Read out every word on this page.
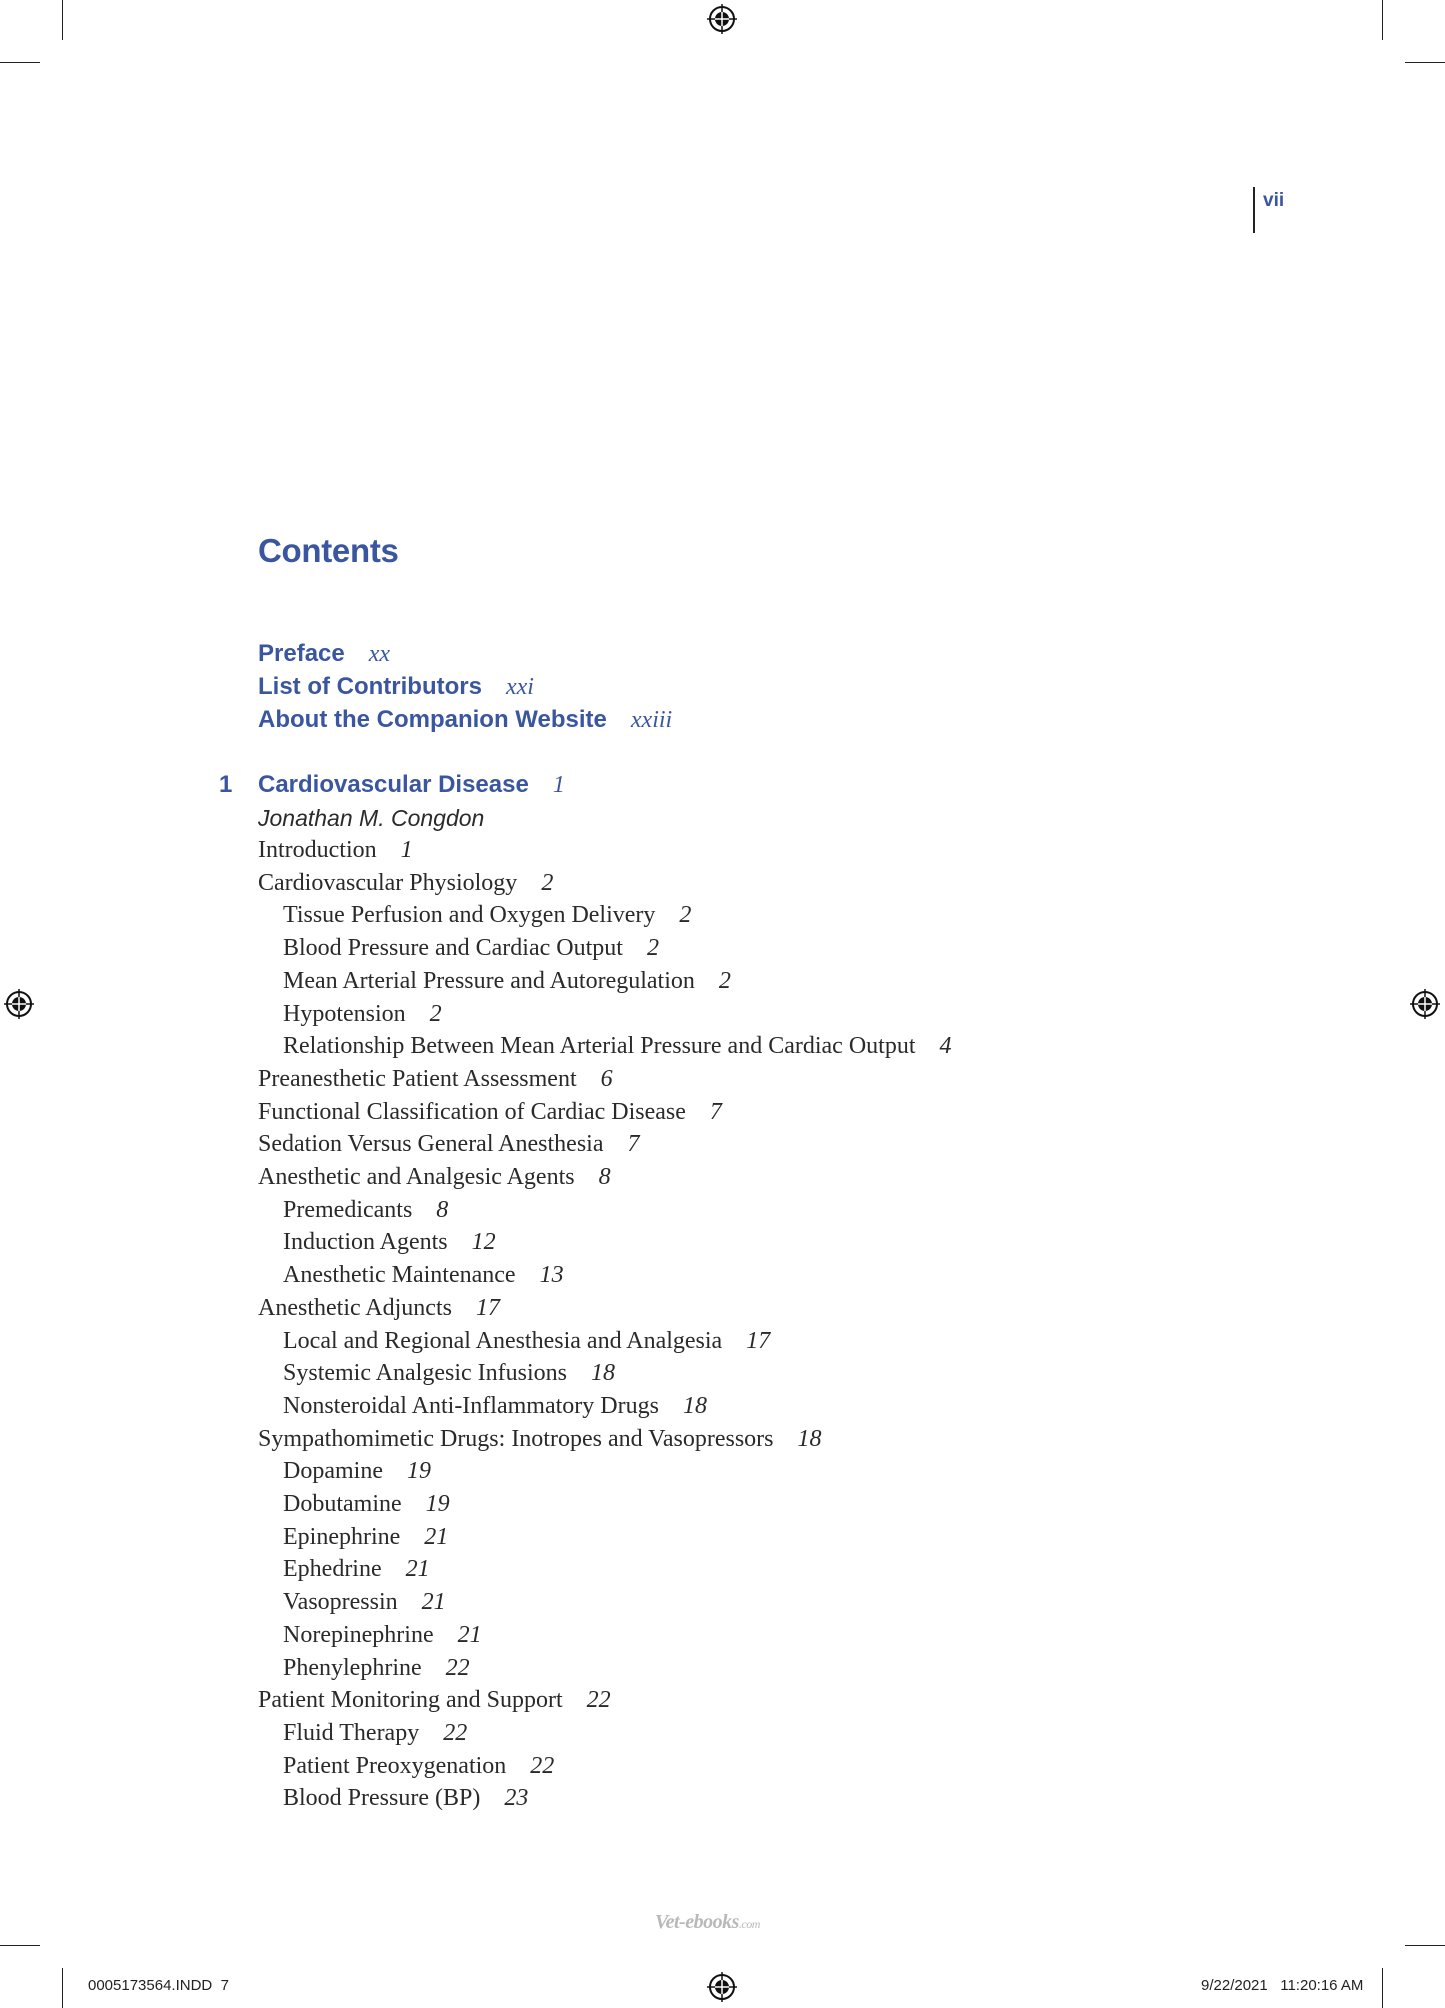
vii
Contents
Preface xx
List of Contributors xxi
About the Companion Website xxiii
1 Cardiovascular Disease 1
Jonathan M. Congdon
Introduction 1
Cardiovascular Physiology 2
Tissue Perfusion and Oxygen Delivery 2
Blood Pressure and Cardiac Output 2
Mean Arterial Pressure and Autoregulation 2
Hypotension 2
Relationship Between Mean Arterial Pressure and Cardiac Output 4
Preanesthetic Patient Assessment 6
Functional Classification of Cardiac Disease 7
Sedation Versus General Anesthesia 7
Anesthetic and Analgesic Agents 8
Premedicants 8
Induction Agents 12
Anesthetic Maintenance 13
Anesthetic Adjuncts 17
Local and Regional Anesthesia and Analgesia 17
Systemic Analgesic Infusions 18
Nonsteroidal Anti-Inflammatory Drugs 18
Sympathomimetic Drugs: Inotropes and Vasopressors 18
Dopamine 19
Dobutamine 19
Epinephrine 21
Ephedrine 21
Vasopressin 21
Norepinephrine 21
Phenylephrine 22
Patient Monitoring and Support 22
Fluid Therapy 22
Patient Preoxygenation 22
Blood Pressure (BP) 23
Vet-ebooks.com
0005173564.INDD  7	9/22/2021   11:20:16 AM
